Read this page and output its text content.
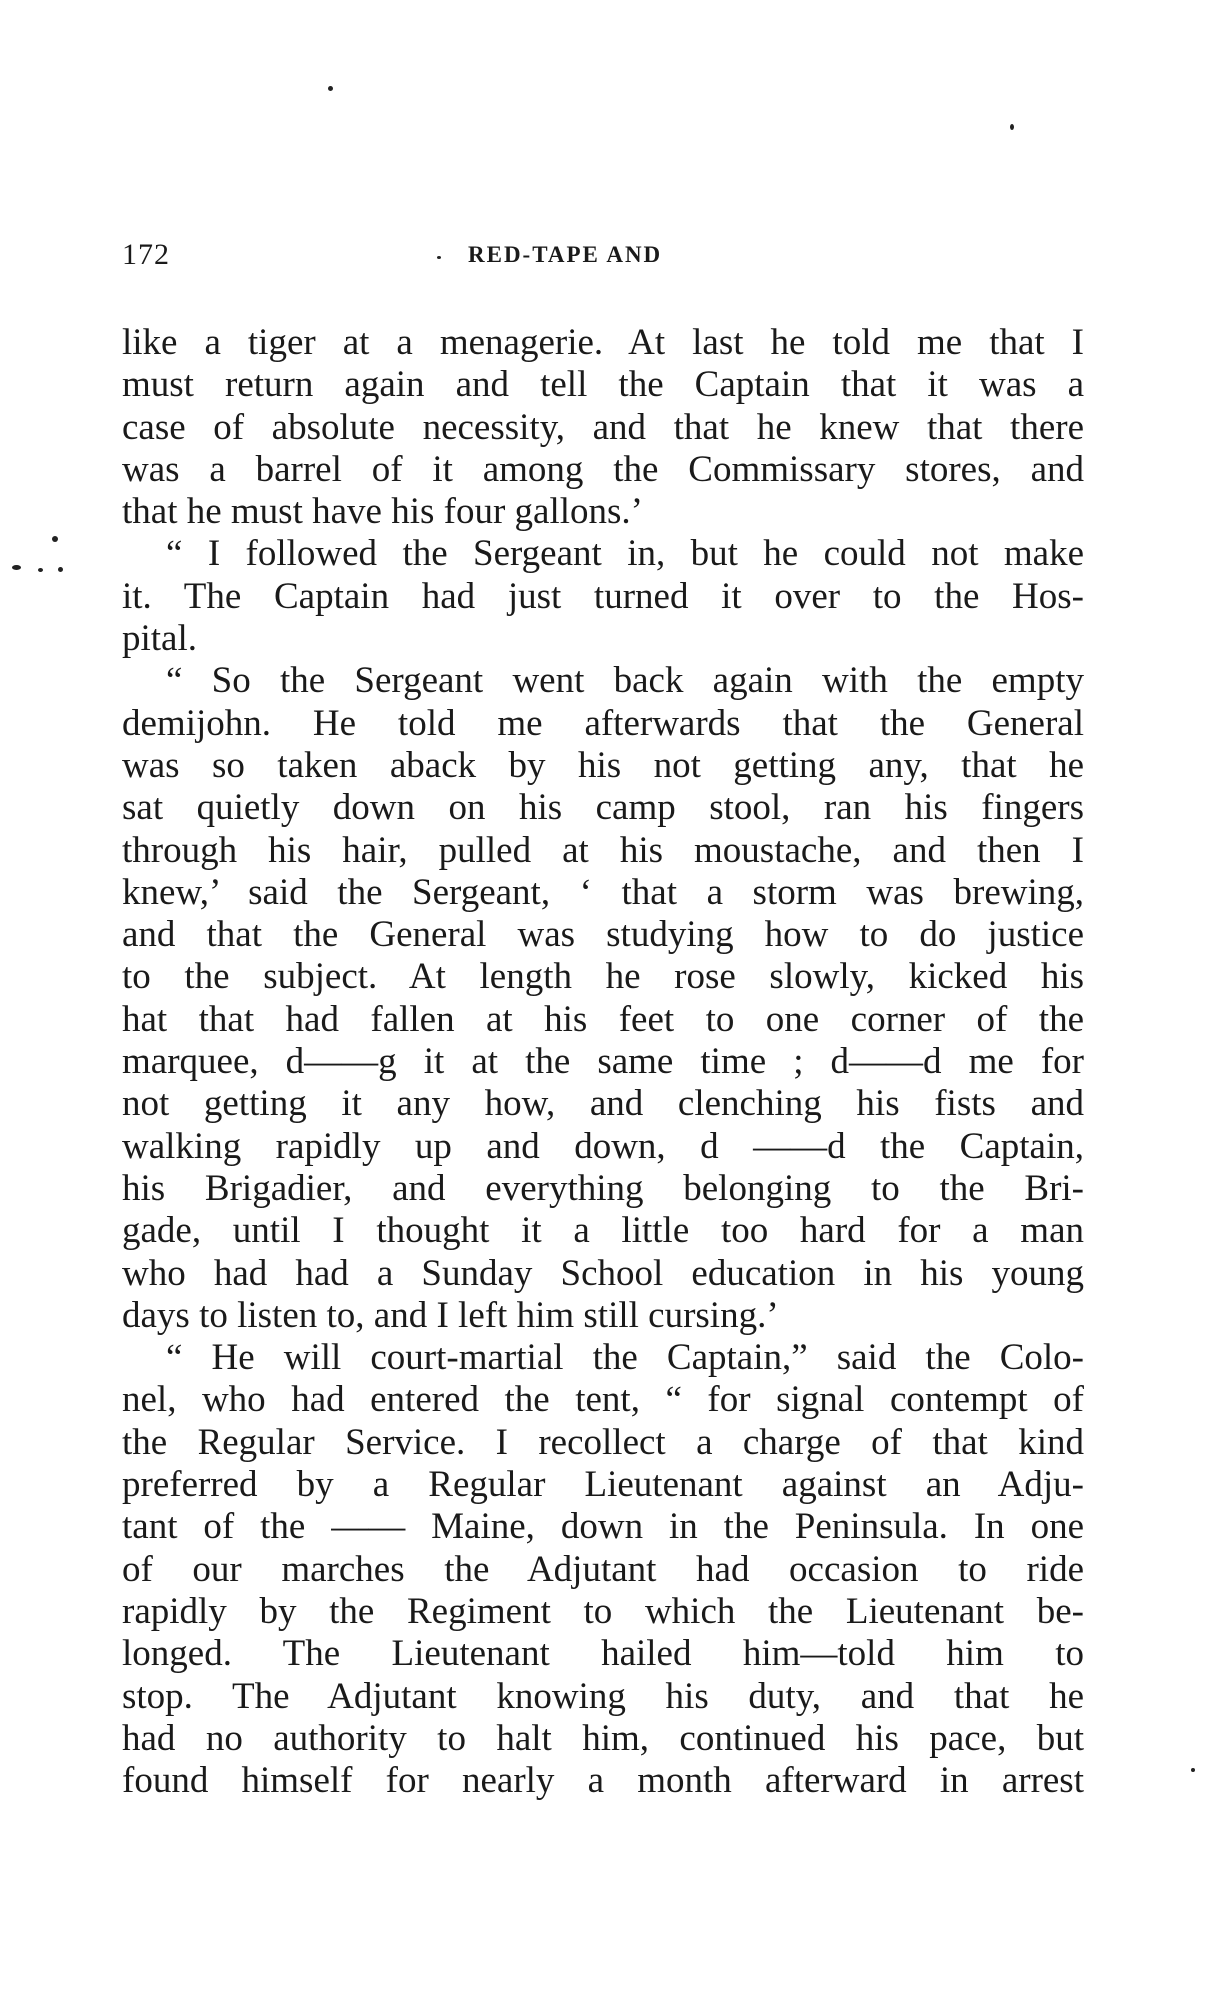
172	RED-TAPE AND
like a tiger at a menagerie. At last he told me that I
must return again and tell the Captain that it was a
case of absolute necessity, and that he knew that there
was a barrel of it among the Commissary stores, and
that he must have his four gallons.’
“ I followed the Sergeant in, but he could not make
it. The Captain had just turned it over to the Hos-
pital.
“ So the Sergeant went back again with the empty
demijohn. He told me afterwards that the General
was so taken aback by his not getting any, that he
sat quietly down on his camp stool, ran his fingers
through his hair, pulled at his moustache, and then I
knew,’ said the Sergeant, ‘ that a storm was brewing,
and that the General was studying how to do justice
to the subject. At length he rose slowly, kicked his
hat that had fallen at his feet to one corner of the
marquee, d——g it at the same time ; d——d me for
not getting it any how, and clenching his fists and
walking rapidly up and down, d ——d the Captain,
his Brigadier, and everything belonging to the Bri-
gade, until I thought it a little too hard for a man
who had had a Sunday School education in his young
days to listen to, and I left him still cursing.’
“ He will court-martial the Captain,” said the Colo-
nel, who had entered the tent, “ for signal contempt of
the Regular Service. I recollect a charge of that kind
preferred by a Regular Lieutenant against an Adju-
tant of the —— Maine, down in the Peninsula. In one
of our marches the Adjutant had occasion to ride
rapidly by the Regiment to which the Lieutenant be-
longed. The Lieutenant hailed him—told him to
stop. The Adjutant knowing his duty, and that he
had no authority to halt him, continued his pace, but
found himself for nearly a month afterward in arrest
